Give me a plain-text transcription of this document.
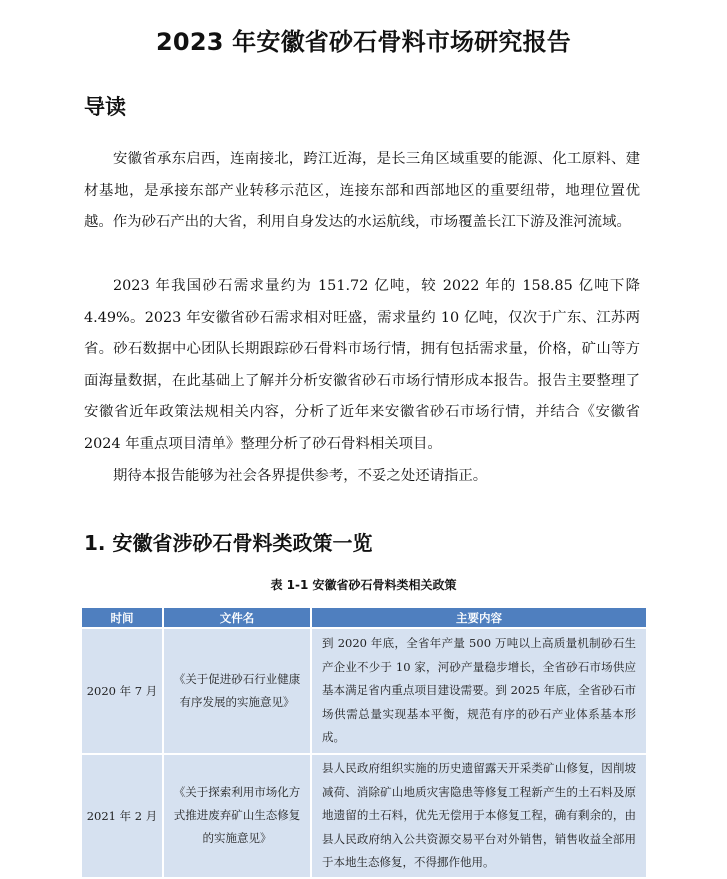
2023 年安徽省砂石骨料市场研究报告
导读

安徽省承东启西，连南接北，跨江近海，是长三角区域重要的能源、化工原料、建材基地，是承接东部产业转移示范区，连接东部和西部地区的重要纽带，地理位置优越。作为砂石产出的大省，利用自身发达的水运航线，市场覆盖长江下游及淮河流域。

2023 年我国砂石需求量约为 151.72 亿吨，较 2022 年的 158.85 亿吨下降 4.49%。2023 年安徽省砂石需求相对旺盛，需求量约 10 亿吨，仅次于广东、江苏两省。砂石数据中心团队长期跟踪砂石骨料市场行情，拥有包括需求量，价格，矿山等方面海量数据，在此基础上了解并分析安徽省砂石市场行情形成本报告。报告主要整理了安徽省近年政策法规相关内容，分析了近年来安徽省砂石市场行情，并结合《安徽省 2024 年重点项目清单》整理分析了砂石骨料相关项目。

期待本报告能够为社会各界提供参考，不妥之处还请指正。

1. 安徽省涉砂石骨料类政策一览
表 1-1 安徽省砂石骨料类相关政策
时间	文件名	主要内容
2020 年 7 月	《关于促进砂石行业健康有序发展的实施意见》	到 2020 年底，全省年产量 500 万吨以上高质量机制砂石生产企业不少于 10 家，河砂产量稳步增长，全省砂石市场供应基本满足省内重点项目建设需要。到 2025 年底，全省砂石市场供需总量实现基本平衡，规范有序的砂石产业体系基本形成。
2021 年 2 月	《关于探索利用市场化方式推进废弃矿山生态修复的实施意见》	县人民政府组织实施的历史遗留露天开采类矿山修复，因削坡减荷、消除矿山地质灾害隐患等修复工程新产生的土石料及原地遗留的土石料，优先无偿用于本修复工程，确有剩余的，由县人民政府纳入公共资源交易平台对外销售，销售收益全部用于本地生态修复，不得挪作他用。
